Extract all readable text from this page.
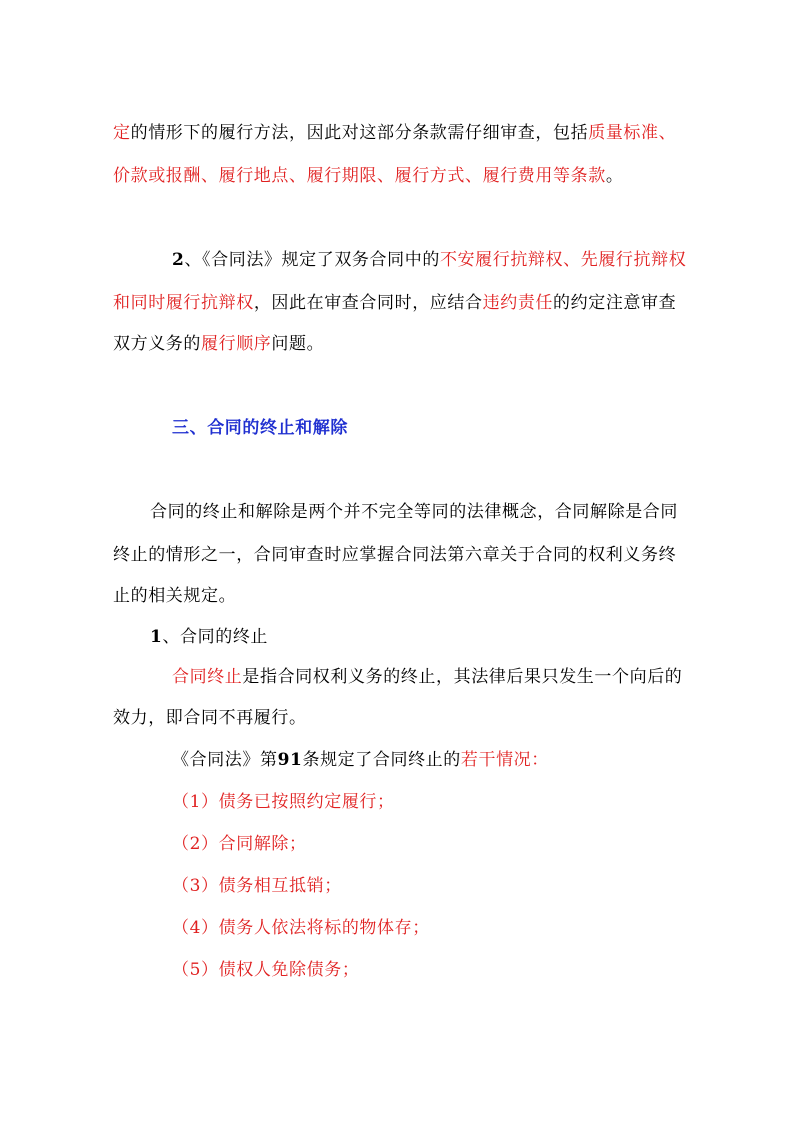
定的情形下的履行方法，因此对这部分条款需仔细审查，包括质量标准、
价款或报酬、履行地点、履行期限、履行方式、履行费用等条款。
2、《合同法》规定了双务合同中的不安履行抗辩权、先履行抗辩权
和同时履行抗辩权，因此在审查合同时，应结合违约责任的约定注意审查
双方义务的履行顺序问题。
三、合同的终止和解除
合同的终止和解除是两个并不完全等同的法律概念，合同解除是合同
终止的情形之一，合同审查时应掌握合同法第六章关于合同的权利义务终
止的相关规定。
1、合同的终止
合同终止是指合同权利义务的终止，其法律后果只发生一个向后的
效力，即合同不再履行。
《合同法》第91条规定了合同终止的若干情况：
（1）债务已按照约定履行；
（2）合同解除；
（3）债务相互抵销；
（4）债务人依法将标的物体存；
（5）债权人免除债务；
